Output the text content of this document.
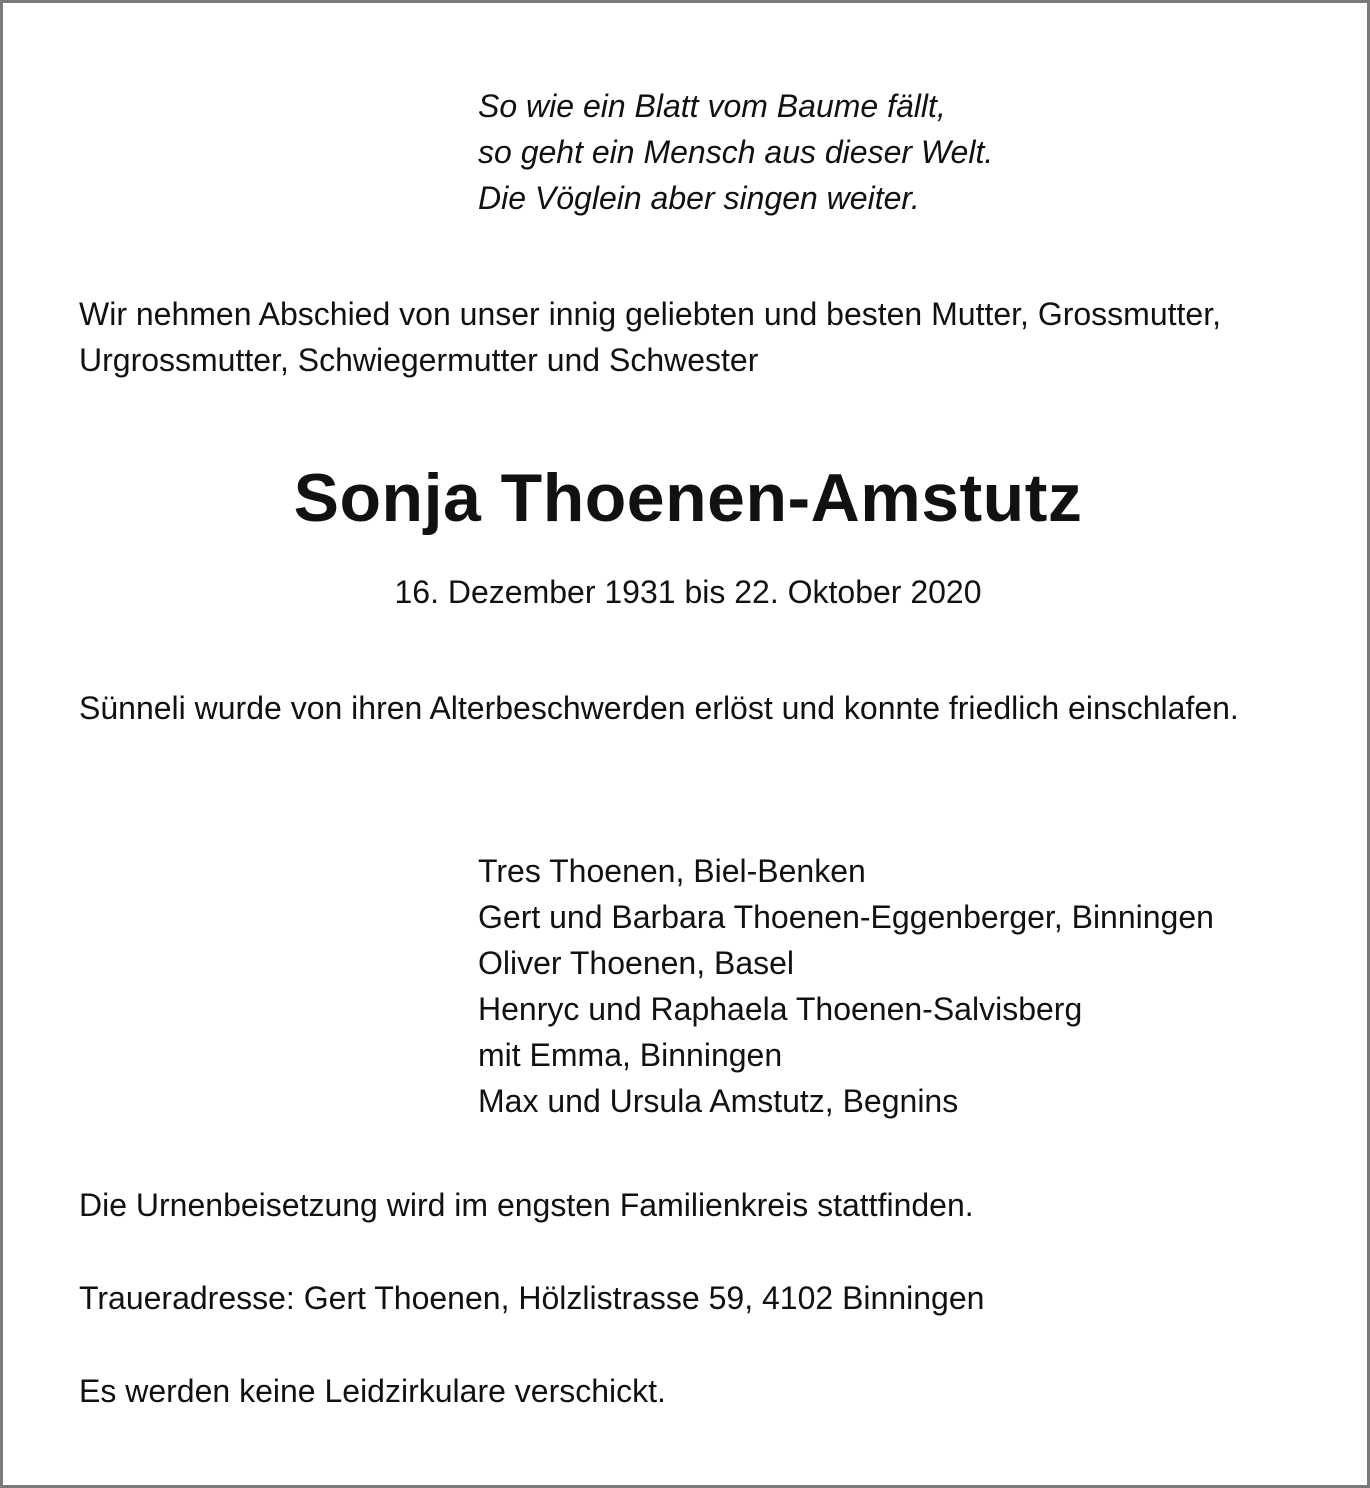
So wie ein Blatt vom Baume fällt,
so geht ein Mensch aus dieser Welt.
Die Vöglein aber singen weiter.
Wir nehmen Abschied von unser innig geliebten und besten Mutter, Grossmutter, Urgrossmutter, Schwiegermutter und Schwester
Sonja Thoenen-Amstutz
16. Dezember 1931 bis 22. Oktober 2020
Sünneli wurde von ihren Alterbeschwerden erlöst und konnte friedlich einschlafen.
Tres Thoenen, Biel-Benken
Gert und Barbara Thoenen-Eggenberger, Binningen
Oliver Thoenen, Basel
Henryc und Raphaela Thoenen-Salvisberg
mit Emma, Binningen
Max und Ursula Amstutz, Begnins
Die Urnenbeisetzung wird im engsten Familienkreis stattfinden.
Traueradresse: Gert Thoenen, Hölzlistrasse 59, 4102 Binningen
Es werden keine Leidzirkulare verschickt.
